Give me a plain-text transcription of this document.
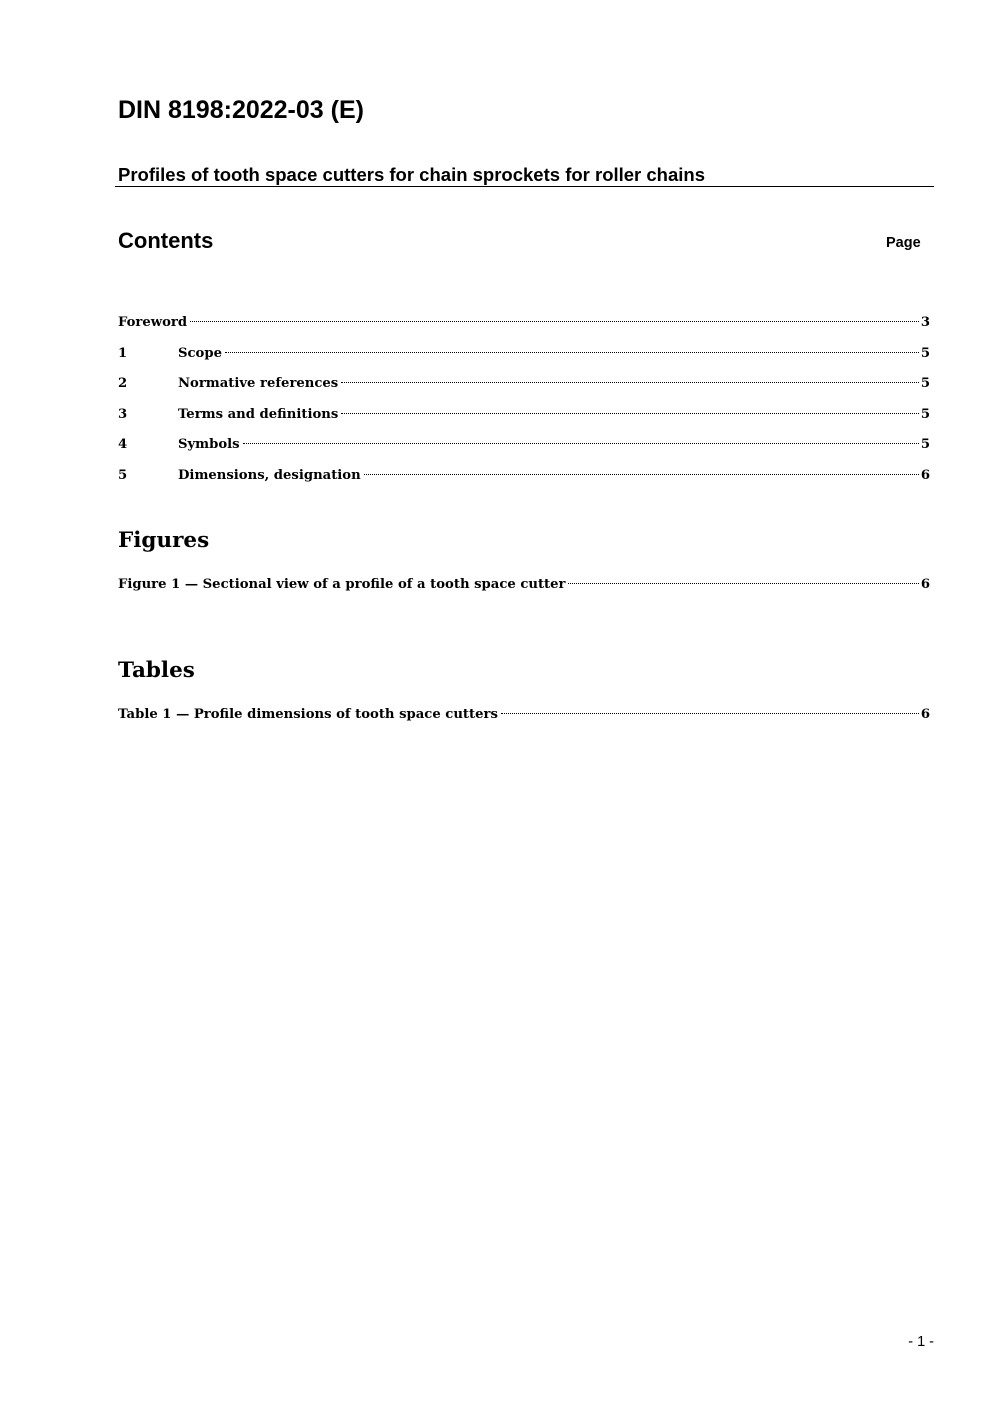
DIN 8198:2022-03 (E)
Profiles of tooth space cutters for chain sprockets for roller chains
Contents	Page
Foreword	3
1	Scope	5
2	Normative references	5
3	Terms and definitions	5
4	Symbols	5
5	Dimensions, designation	6
Figures
Figure 1 — Sectional view of a profile of a tooth space cutter	6
Tables
Table 1 — Profile dimensions of tooth space cutters	6
- 1 -
